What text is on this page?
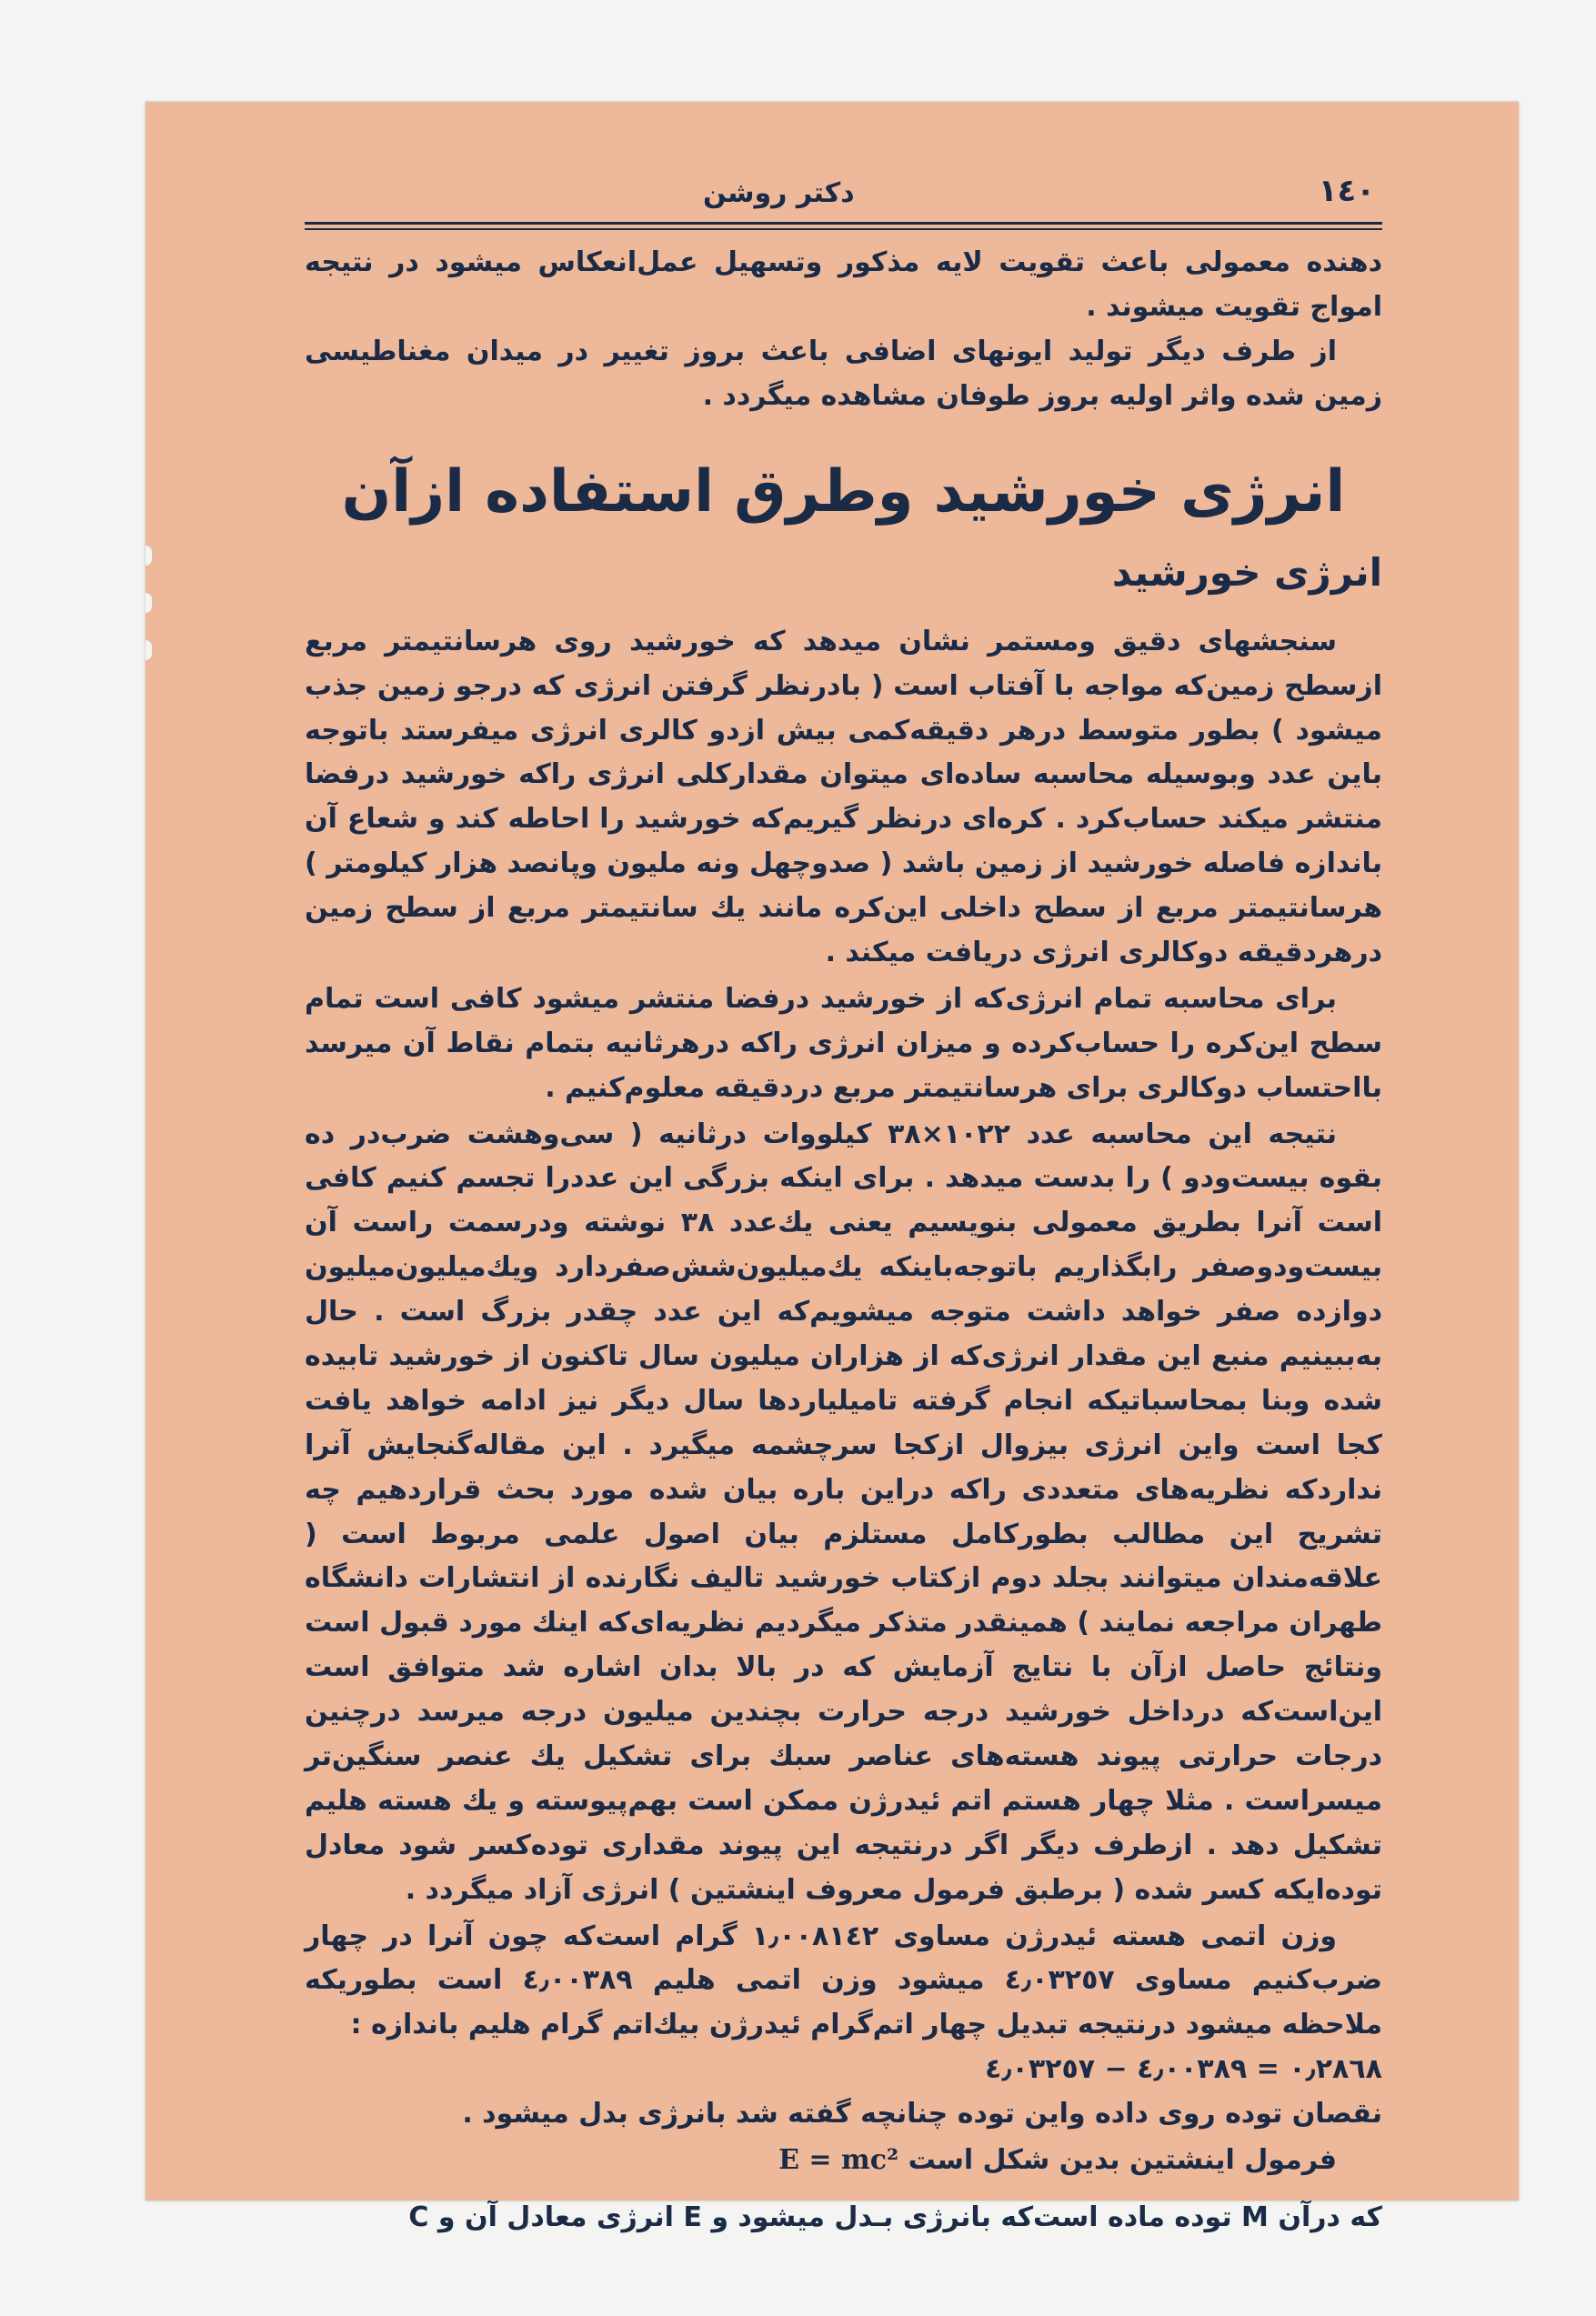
۱٤٠
دکتر روشن

دهنده معمولی باعث تقویت لایه مذکور وتسهیل عمل‌انعکاس میشود در نتیجه امواج تقویت میشوند .

از طرف دیگر تولید ایونهای اضافی باعث بروز تغییر در میدان مغناطیسی زمین شده واثر اولیه بروز طوفان مشاهده میگردد .

انرژی خورشید وطرق استفاده ازآن
انرژی خورشید

سنجشهای دقیق ومستمر نشان میدهد که خورشید روی هرسانتیمتر مربع ازسطح زمین‌که مواجه با آفتاب است ( بادرنظر گرفتن انرژی که درجو زمین جذب میشود ) بطور متوسط درهر دقیقه‌کمی بیش ازدو کالری انرژی میفرستد باتوجه باین عدد وبوسیله محاسبه ساده‌ای میتوان مقدارکلی انرژی راکه خورشید درفضا منتشر میکند حساب‌کرد . کره‌ای درنظر گیریم‌که خورشید را احاطه کند و شعاع آن باندازه فاصله خورشید از زمین باشد ( صدوچهل ونه ملیون وپانصد هزار کیلومتر ) هرسانتیمتر مربع از سطح داخلی این‌کره مانند یك سانتیمتر مربع از سطح زمین درهردقیقه دوکالری انرژی دریافت میکند .

برای محاسبه تمام انرژی‌که از خورشید درفضا منتشر میشود کافی است تمام سطح این‌کره را حساب‌کرده و میزان انرژی راکه درهرثانیه بتمام نقاط آن میرسد بااحتساب دوکالری برای هرسانتیمتر مربع دردقیقه معلوم‌کنیم .

نتیجه این محاسبه عدد ۱٠٢٢×٣٨ کیلووات درثانیه ( سی‌وهشت ضرب‌در ده بقوه بیست‌ودو ) را بدست میدهد . برای اینکه بزرگی این عددرا تجسم کنیم کافی است آنرا بطریق معمولی بنویسیم یعنی یك‌عدد ٣٨ نوشته ودرسمت راست آن بیست‌ودوصفر رابگذاریم باتوجه‌باینکه یك‌میلیون‌شش‌صفردارد ویك‌میلیون‌میلیون دوازده صفر خواهد داشت متوجه میشویم‌که این عدد چقدر بزرگ است . حال به‌ببینیم منبع این مقدار انرژی‌که از هزاران میلیون سال تاکنون از خورشید تابیده شده وبنا بمحاسباتیکه انجام گرفته تامیلیاردها سال دیگر نیز ادامه خواهد یافت کجا است واین انرژی بیزوال ازکجا سرچشمه میگیرد . این مقاله‌گنجایش آنرا نداردکه نظریه‌های متعددی راکه دراین باره بیان شده مورد بحث قراردهیم چه تشریح این مطالب بطورکامل مستلزم بیان اصول علمی مربوط است ( علاقه‌مندان میتوانند بجلد دوم ازکتاب خورشید تالیف نگارنده از انتشارات دانشگاه طهران مراجعه نمایند ) همینقدر متذکر میگردیم نظریه‌ای‌که اینك مورد قبول است ونتائج حاصل ازآن با نتایج آزمایش که در بالا بدان اشاره شد متوافق است این‌است‌که درداخل خورشید درجه حرارت بچندین میلیون درجه میرسد درچنین درجات حرارتی پیوند هسته‌های عناصر سبك برای تشکیل یك عنصر سنگین‌تر میسراست . مثلا چهار هستم اتم ئیدرژن ممکن است بهم‌پیوسته و یك هسته هلیم تشکیل دهد . ازطرف دیگر اگر درنتیجه این پیوند مقداری توده‌کسر شود معادل توده‌ایکه کسر شده ( برطبق فرمول معروف اینشتین ) انرژی آزاد میگردد .

وزن اتمی هسته ئیدرژن مساوی ۱٫٠٠٨۱٤٢ گرام است‌که چون آنرا در چهار ضرب‌کنیم مساوی ٤٫٠٣٢٥٧ میشود وزن اتمی هلیم ٤٫٠٠٣٨٩ است بطوریکه ملاحظه میشود درنتیجه تبدیل چهار اتم‌گرام ئیدرژن بیك‌اتم گرام هلیم باندازه :

٠٫٢٨٦٨ = ٤٫٠٠٣٨٩ − ٤٫٠٣٢٥٧

نقصان توده روی داده واین توده چنانچه گفته شد بانرژی بدل میشود .

فرمول اینشتین بدین شکل است E = mc²

که درآن M توده ماده است‌که بانرژی بـدل میشود و E انرژی معادل آن و C
